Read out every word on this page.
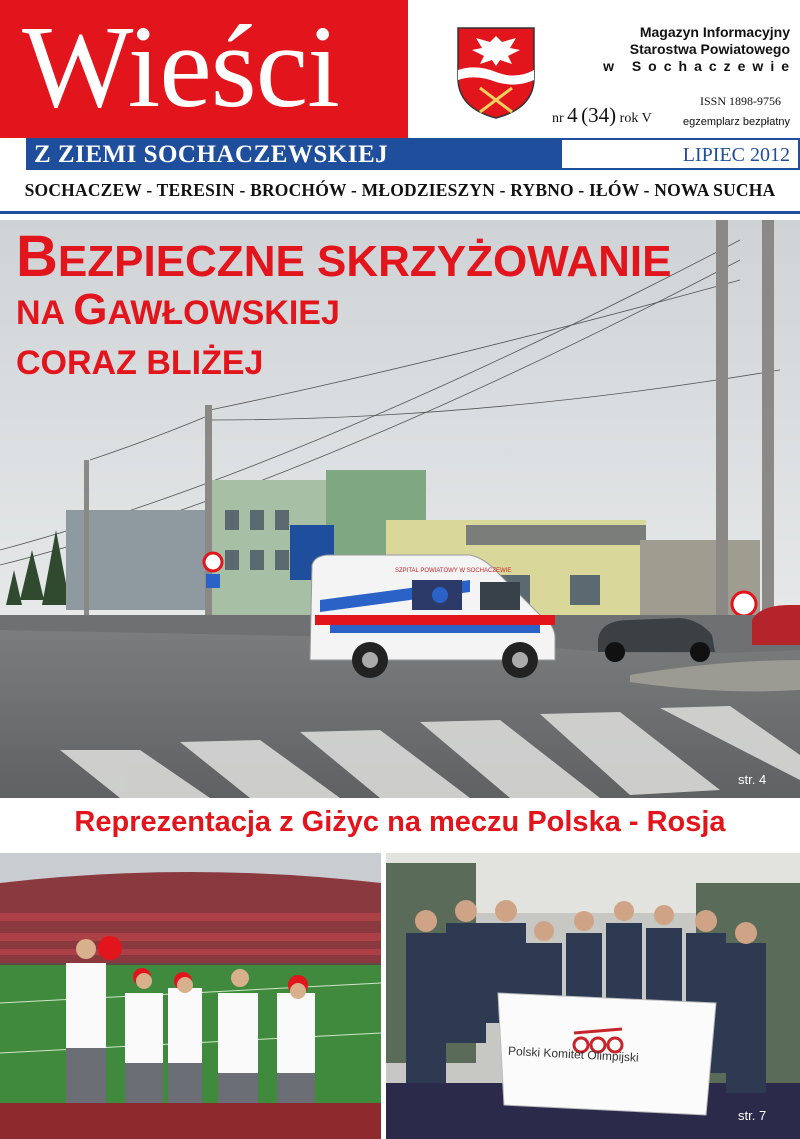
Wieści	Magazyn Informacyjny
Starostwa Powiatowego
w Sochaczewie
nr 4 (34) rok V
ISSN 1898-9756
egzemplarz bezpłatny
Z ZIEMI SOCHACZEWSKIEJ	LIPIEC 2012
SOCHACZEW - TERESIN - BROCHÓW - MŁODZIESZYN - RYBNO - IŁÓW - NOWA SUCHA
SZPITAL POWIATOWY W SOCHACZEWIE
BEZPIECZNE SKRZYŻOWANIE
NA GAWŁOWSKIEJ
CORAZ BLIŻEJ
str. 4
Reprezentacja z Giżyc na meczu Polska - Rosja
str. 7
Polski Komitet Olimpijski
